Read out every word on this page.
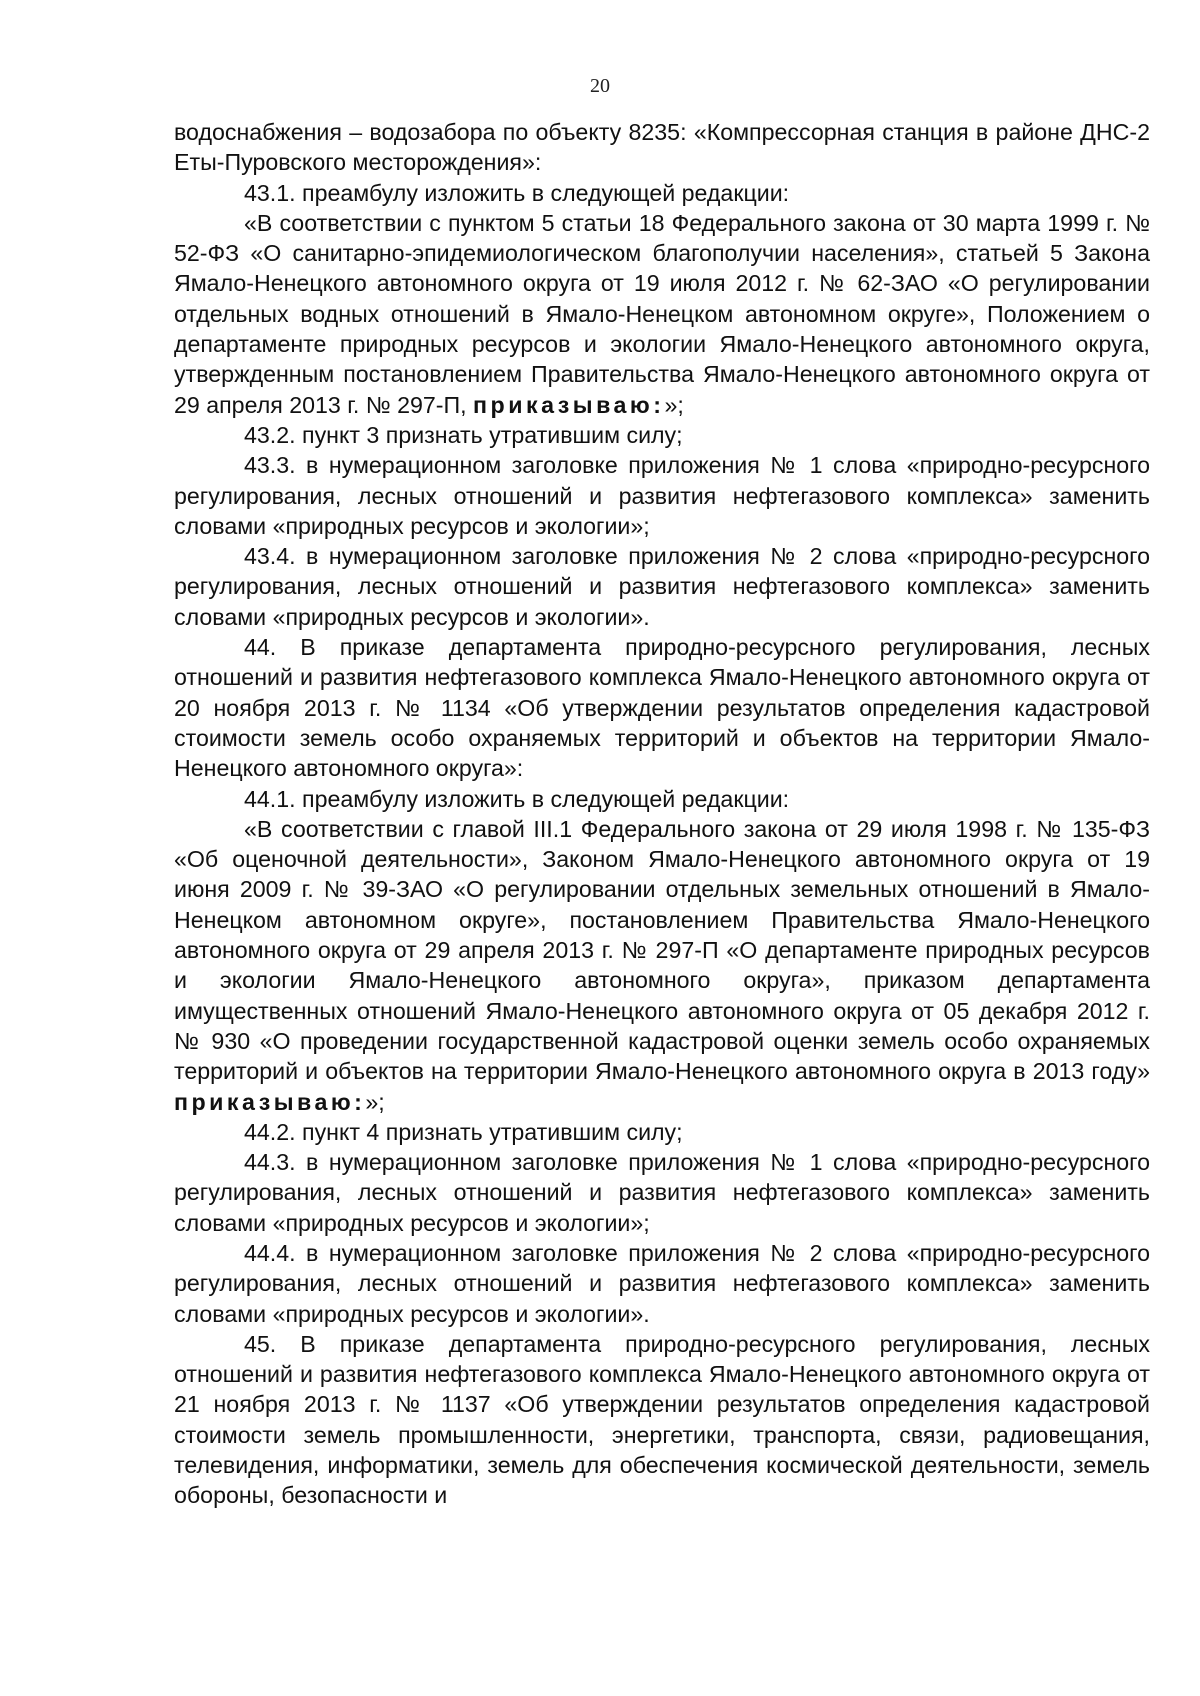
20

водоснабжения – водозабора по объекту 8235: «Компрессорная станция в районе ДНС-2 Еты-Пуровского месторождения»:

43.1. преамбулу изложить в следующей редакции:

«В соответствии с пунктом 5 статьи 18 Федерального закона от 30 марта 1999 г. № 52-ФЗ «О санитарно-эпидемиологическом благополучии населения», статьей 5 Закона Ямало-Ненецкого автономного округа от 19 июля 2012 г. № 62-ЗАО «О регулировании отдельных водных отношений в Ямало-Ненецком автономном округе», Положением о департаменте природных ресурсов и экологии Ямало-Ненецкого автономного округа, утвержденным постановлением Правительства Ямало-Ненецкого автономного округа от 29 апреля 2013 г. № 297-П, приказываю:»;

43.2. пункт 3 признать утратившим силу;

43.3. в нумерационном заголовке приложения № 1 слова «природно-ресурсного регулирования, лесных отношений и развития нефтегазового комплекса» заменить словами «природных ресурсов и экологии»;

43.4. в нумерационном заголовке приложения № 2 слова «природно-ресурсного регулирования, лесных отношений и развития нефтегазового комплекса» заменить словами «природных ресурсов и экологии».

44. В приказе департамента природно-ресурсного регулирования, лесных отношений и развития нефтегазового комплекса Ямало-Ненецкого автономного округа от 20 ноября 2013 г. № 1134 «Об утверждении результатов определения кадастровой стоимости земель особо охраняемых территорий и объектов на территории Ямало-Ненецкого автономного округа»:

44.1. преамбулу изложить в следующей редакции:

«В соответствии с главой III.1 Федерального закона от 29 июля 1998 г. № 135-ФЗ «Об оценочной деятельности», Законом Ямало-Ненецкого автономного округа от 19 июня 2009 г. № 39-ЗАО «О регулировании отдельных земельных отношений в Ямало-Ненецком автономном округе», постановлением Правительства Ямало-Ненецкого автономного округа от 29 апреля 2013 г. № 297-П «О департаменте природных ресурсов и экологии Ямало-Ненецкого автономного округа», приказом департамента имущественных отношений Ямало-Ненецкого автономного округа от 05 декабря 2012 г. № 930 «О проведении государственной кадастровой оценки земель особо охраняемых территорий и объектов на территории Ямало-Ненецкого автономного округа в 2013 году» приказываю:»;

44.2. пункт 4 признать утратившим силу;

44.3. в нумерационном заголовке приложения № 1 слова «природно-ресурсного регулирования, лесных отношений и развития нефтегазового комплекса» заменить словами «природных ресурсов и экологии»;

44.4. в нумерационном заголовке приложения № 2 слова «природно-ресурсного регулирования, лесных отношений и развития нефтегазового комплекса» заменить словами «природных ресурсов и экологии».

45. В приказе департамента природно-ресурсного регулирования, лесных отношений и развития нефтегазового комплекса Ямало-Ненецкого автономного округа от 21 ноября 2013 г. № 1137 «Об утверждении результатов определения кадастровой стоимости земель промышленности, энергетики, транспорта, связи, радиовещания, телевидения, информатики, земель для обеспечения космической деятельности, земель обороны, безопасности и
